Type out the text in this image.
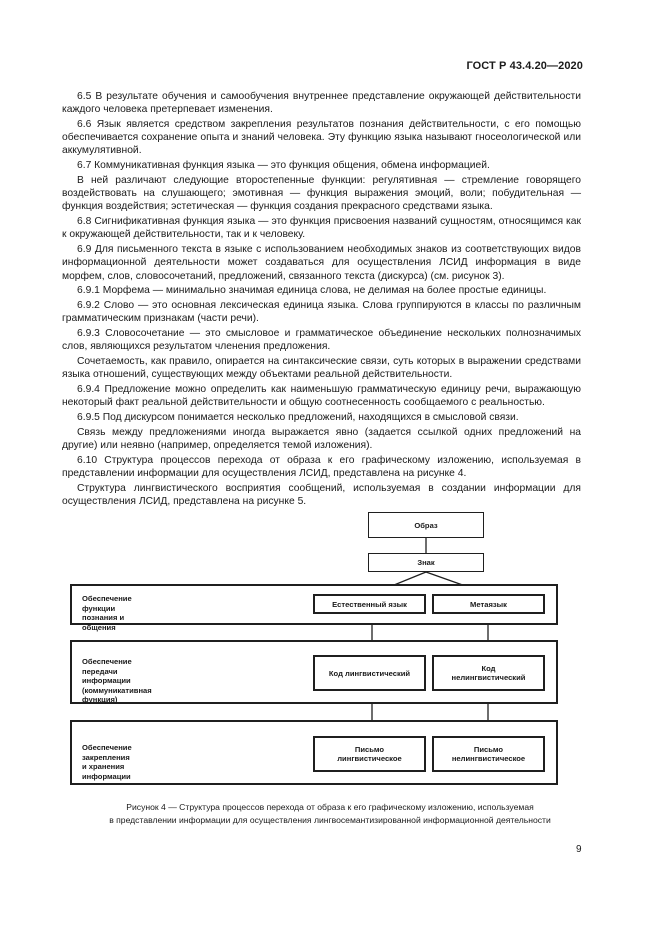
ГОСТ Р 43.4.20—2020

6.5 В результате обучения и самообучения внутреннее представление окружающей действительности каждого человека претерпевает изменения.

6.6 Язык является средством закрепления результатов познания действительности, с его помощью обеспечивается сохранение опыта и знаний человека. Эту функцию языка называют гносеологической или аккумулятивной.

6.7 Коммуникативная функция языка — это функция общения, обмена информацией.

В ней различают следующие второстепенные функции: регулятивная — стремление говорящего воздействовать на слушающего; эмотивная — функция выражения эмоций, воли; побудительная — функция воздействия; эстетическая — функция создания прекрасного средствами языка.

6.8 Сигнификативная функция языка — это функция присвоения названий сущностям, относящимся как к окружающей действительности, так и к человеку.

6.9 Для письменного текста в языке с использованием необходимых знаков из соответствующих видов информационной деятельности может создаваться для осуществления ЛСИД информация в виде морфем, слов, словосочетаний, предложений, связанного текста (дискурса) (см. рисунок 3).

6.9.1 Морфема — минимально значимая единица слова, не делимая на более простые единицы.

6.9.2 Слово — это основная лексическая единица языка. Слова группируются в классы по различным грамматическим признакам (части речи).

6.9.3 Словосочетание — это смысловое и грамматическое объединение нескольких полнозначимых слов, являющихся результатом членения предложения.

Сочетаемость, как правило, опирается на синтаксические связи, суть которых в выражении средствами языка отношений, существующих между объектами реальной действительности.

6.9.4 Предложение можно определить как наименьшую грамматическую единицу речи, выражающую некоторый факт реальной действительности и общую соотнесенность сообщаемого с реальностью.

6.9.5 Под дискурсом понимается несколько предложений, находящихся в смысловой связи.

Связь между предложениями иногда выражается явно (задается ссылкой одних предложений на другие) или неявно (например, определяется темой изложения).

6.10 Структура процессов перехода от образа к его графическому изложению, используемая в представлении информации для осуществления ЛСИД, представлена на рисунке 4.

Структура лингвистического восприятия сообщений, используемая в создании информации для осуществления ЛСИД, представлена на рисунке 5.

Обеспечение функции
познания и общения
Обеспечение передачи
информации
(коммуникативная функция)
Обеспечение закрепления
и хранения информации
Образ
Знак
Естественный язык	Метаязык
Код лингвистический	Код
нелингвистический
Письмо
лингвистическое
Письмо
нелингвистическое
Рисунок 4 — Структура процессов перехода от образа к его графическому изложению, используемая
в представлении информации для осуществления лингвосемантизированной информационной деятельности
9
